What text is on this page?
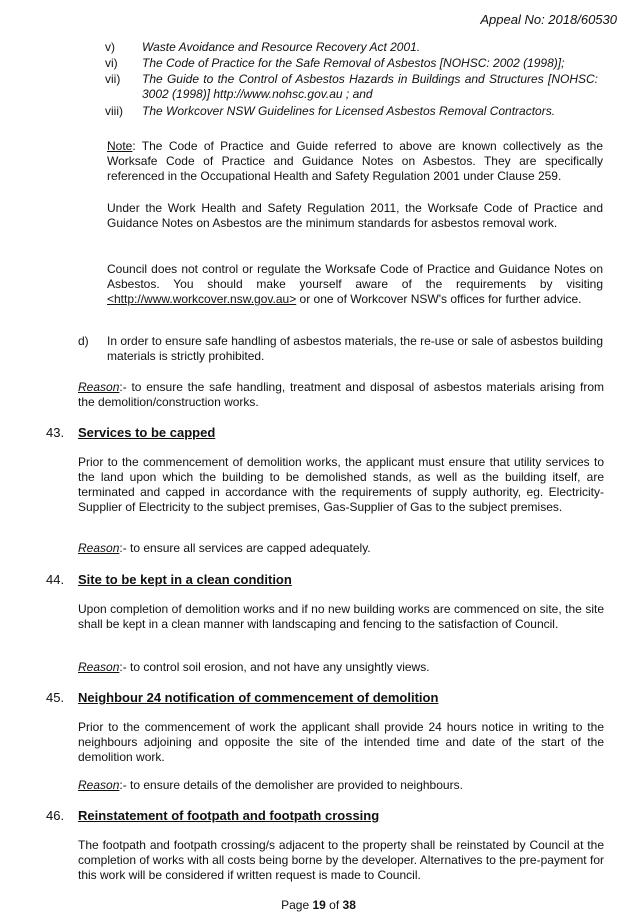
Appeal No: 2018/60530
v) Waste Avoidance and Resource Recovery Act 2001.
vi) The Code of Practice for the Safe Removal of Asbestos [NOHSC: 2002 (1998)];
vii) The Guide to the Control of Asbestos Hazards in Buildings and Structures [NOHSC: 3002 (1998)] http://www.nohsc.gov.au ; and
viii) The Workcover NSW Guidelines for Licensed Asbestos Removal Contractors.
Note: The Code of Practice and Guide referred to above are known collectively as the Worksafe Code of Practice and Guidance Notes on Asbestos. They are specifically referenced in the Occupational Health and Safety Regulation 2001 under Clause 259.
Under the Work Health and Safety Regulation 2011, the Worksafe Code of Practice and Guidance Notes on Asbestos are the minimum standards for asbestos removal work.
Council does not control or regulate the Worksafe Code of Practice and Guidance Notes on Asbestos. You should make yourself aware of the requirements by visiting <http://www.workcover.nsw.gov.au> or one of Workcover NSW's offices for further advice.
d)	In order to ensure safe handling of asbestos materials, the re-use or sale of asbestos building materials is strictly prohibited.
Reason:- to ensure the safe handling, treatment and disposal of asbestos materials arising from the demolition/construction works.
43. Services to be capped
Prior to the commencement of demolition works, the applicant must ensure that utility services to the land upon which the building to be demolished stands, as well as the building itself, are terminated and capped in accordance with the requirements of supply authority, eg. Electricity-Supplier of Electricity to the subject premises, Gas-Supplier of Gas to the subject premises.
Reason:- to ensure all services are capped adequately.
44. Site to be kept in a clean condition
Upon completion of demolition works and if no new building works are commenced on site, the site shall be kept in a clean manner with landscaping and fencing to the satisfaction of Council.
Reason:- to control soil erosion, and not have any unsightly views.
45. Neighbour 24 notification of commencement of demolition
Prior to the commencement of work the applicant shall provide 24 hours notice in writing to the neighbours adjoining and opposite the site of the intended time and date of the start of the demolition work.
Reason:- to ensure details of the demolisher are provided to neighbours.
46. Reinstatement of footpath and footpath crossing
The footpath and footpath crossing/s adjacent to the property shall be reinstated by Council at the completion of works with all costs being borne by the developer. Alternatives to the pre-payment for this work will be considered if written request is made to Council.
Page 19 of 38
